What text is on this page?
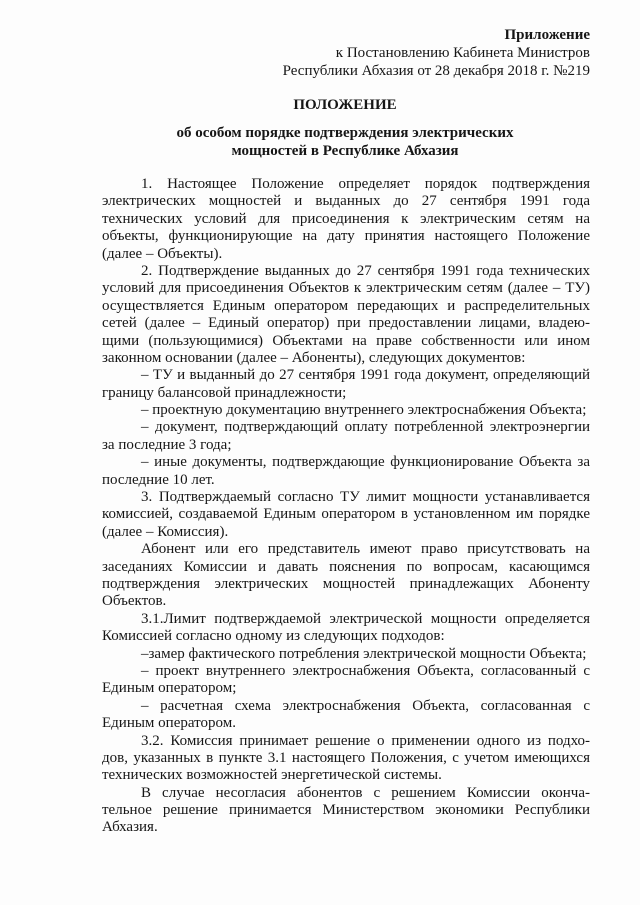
Приложение
к Постановлению Кабинета Министров
Республики Абхазия от 28 декабря 2018 г. №219
ПОЛОЖЕНИЕ
об особом порядке подтверждения электрических
мощностей в Республике Абхазия
1. Настоящее Положение определяет порядок подтверждения
электрических мощностей и выданных до 27 сентября 1991 года
технических условий для присоединения к электрическим сетям на
объекты, функционирующие на дату принятия настоящего Положение
(далее – Объекты).
2. Подтверждение выданных до 27 сентября 1991 года технических
условий для присоединения Объектов к электрическим сетям (далее – ТУ)
осуществляется Единым оператором передающих и распределительных
сетей (далее – Единый оператор) при предоставлении лицами, владею-
щими (пользующимися) Объектами на праве собственности или ином
законном основании (далее – Абоненты), следующих документов:
– ТУ и выданный до 27 сентября 1991 года документ, определяющий
границу балансовой принадлежности;
– проектную документацию внутреннего электроснабжения Объекта;
– документ, подтверждающий оплату потребленной электроэнергии
за последние 3 года;
– иные документы, подтверждающие функционирование Объекта за
последние 10 лет.
3. Подтверждаемый согласно ТУ лимит мощности устанавливается
комиссией, создаваемой Единым оператором в установленном им порядке
(далее – Комиссия).
Абонент или его представитель имеют право присутствовать на
заседаниях Комиссии и давать пояснения по вопросам, касающимся
подтверждения электрических мощностей принадлежащих Абоненту
Объектов.
3.1.Лимит подтверждаемой электрической мощности определяется
Комиссией согласно одному из следующих подходов:
–замер фактического потребления электрической мощности Объекта;
– проект внутреннего электроснабжения Объекта, согласованный с
Единым оператором;
– расчетная схема электроснабжения Объекта, согласованная с
Единым оператором.
3.2. Комиссия принимает решение о применении одного из подхо-
дов, указанных в пункте 3.1 настоящего Положения, с учетом имеющихся
технических возможностей энергетической системы.
В случае несогласия абонентов с решением Комиссии оконча-
тельное решение принимается Министерством экономики Республики
Абхазия.
